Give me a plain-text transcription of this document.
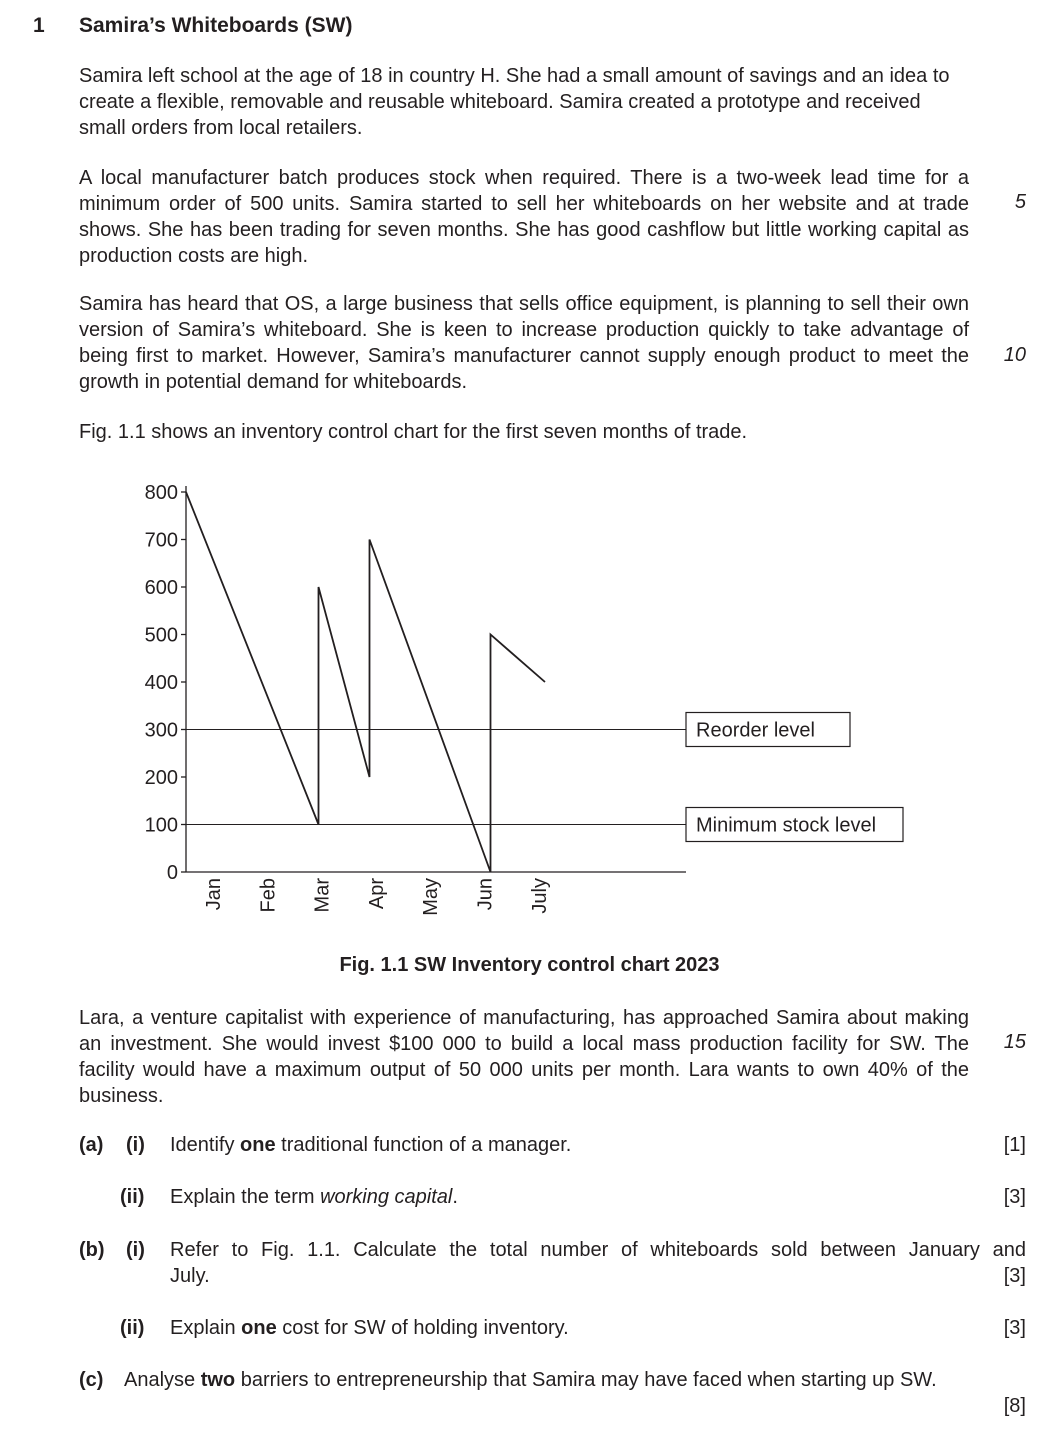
1 Samira’s Whiteboards (SW)
Samira left school at the age of 18 in country H. She had a small amount of savings and an idea to create a flexible, removable and reusable whiteboard. Samira created a prototype and received small orders from local retailers.
A local manufacturer batch produces stock when required. There is a two-week lead time for a minimum order of 500 units. Samira started to sell her whiteboards on her website and at trade shows. She has been trading for seven months. She has good cashflow but little working capital as production costs are high.
Samira has heard that OS, a large business that sells office equipment, is planning to sell their own version of Samira’s whiteboard. She is keen to increase production quickly to take advantage of being first to market. However, Samira’s manufacturer cannot supply enough product to meet the growth in potential demand for whiteboards.
Fig. 1.1 shows an inventory control chart for the first seven months of trade.
Lara, a venture capitalist with experience of manufacturing, has approached Samira about making an investment. She would invest $100 000 to build a local mass production facility for SW. The facility would have a maximum output of 50 000 units per month. Lara wants to own 40% of the business.
5
10
15
Reorder level
Minimum stock level
0
100
200
300
400
500
600
700
800
Jan Feb Mar Apr May Jun July
Fig. 1.1 SW Inventory control chart 2023
(a) (i) Identify one traditional function of a manager.	[1]
(ii) Explain the term working capital.	[3]
(b) (i) Refer to Fig. 1.1. Calculate the total number of whiteboards sold between January and
July.	[3]
(ii) Explain one cost for SW of holding inventory.	[3]
(c) Analyse two barriers to entrepreneurship that Samira may have faced when starting up SW.
[8]
